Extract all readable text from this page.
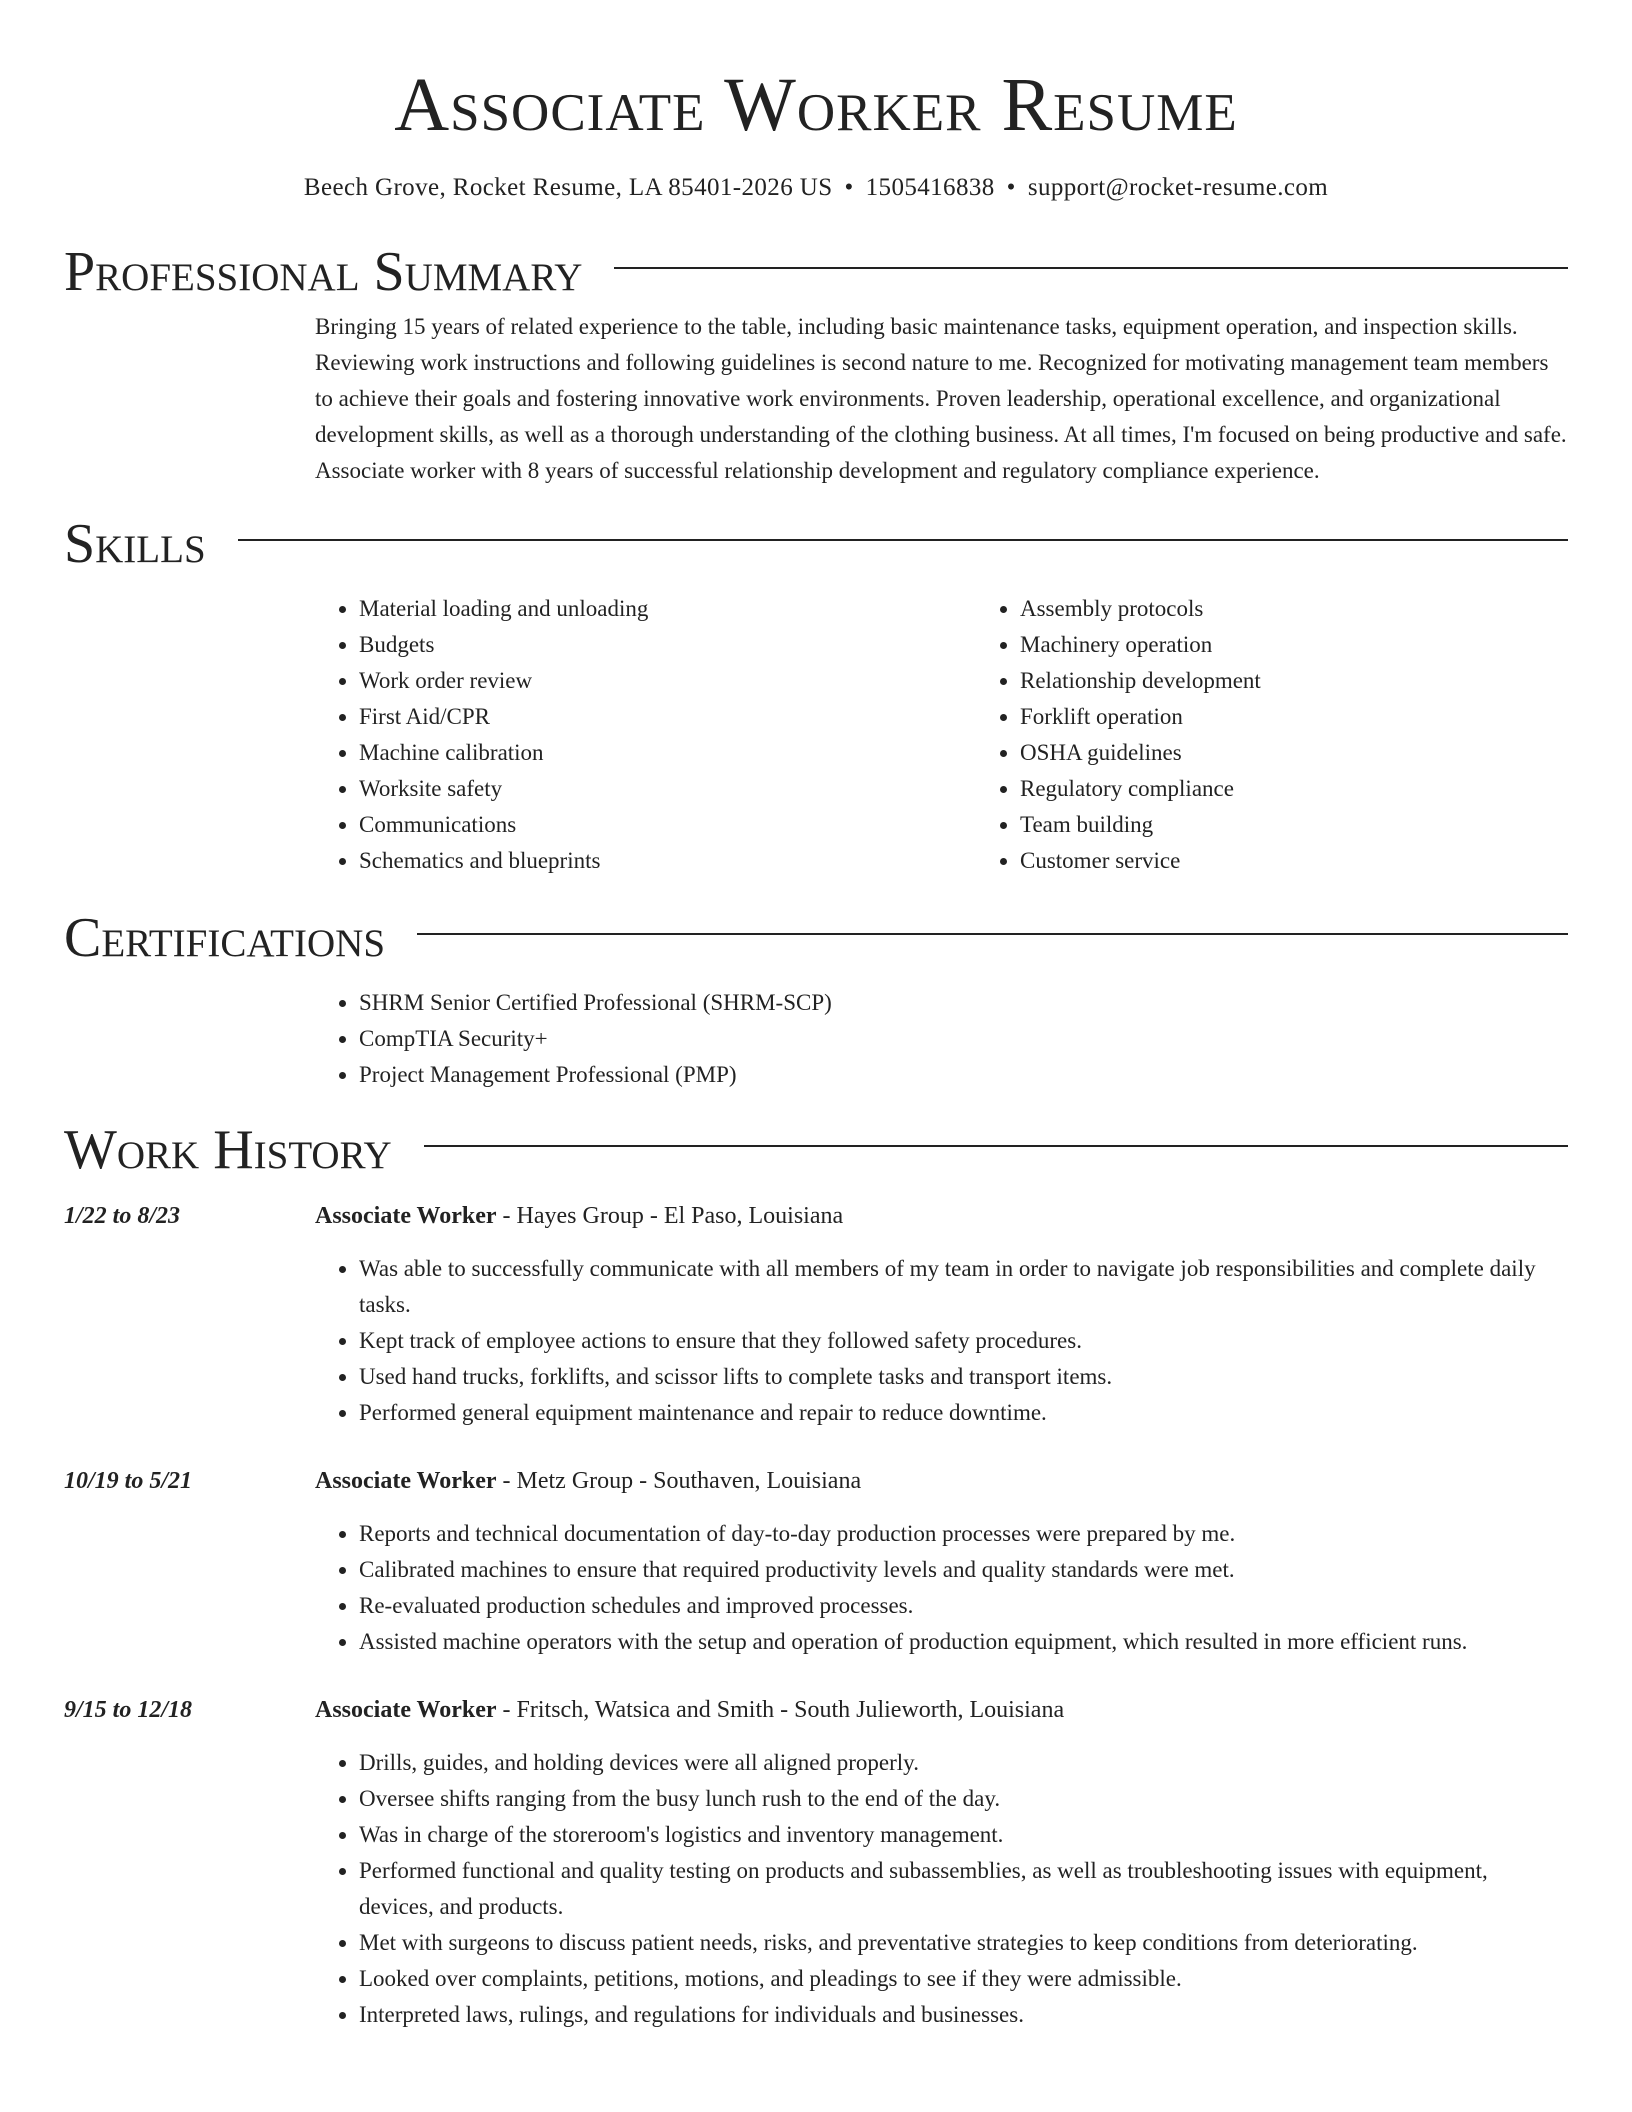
Associate Worker Resume
Beech Grove, Rocket Resume, LA 85401-2026 US • 1505416838 • support@rocket-resume.com
Professional Summary

Bringing 15 years of related experience to the table, including basic maintenance tasks, equipment operation, and inspection skills. Reviewing work instructions and following guidelines is second nature to me. Recognized for motivating management team members to achieve their goals and fostering innovative work environments. Proven leadership, operational excellence, and organizational development skills, as well as a thorough understanding of the clothing business. At all times, I'm focused on being productive and safe. Associate worker with 8 years of successful relationship development and regulatory compliance experience.

Skills
• Material loading and unloading
• Budgets
• Work order review
• First Aid/CPR
• Machine calibration
• Worksite safety
• Communications
• Schematics and blueprints
• Assembly protocols
• Machinery operation
• Relationship development
• Forklift operation
• OSHA guidelines
• Regulatory compliance
• Team building
• Customer service
Certifications
• SHRM Senior Certified Professional (SHRM-SCP)
• CompTIA Security+
• Project Management Professional (PMP)
Work History
1/22 to 8/23	Associate Worker - Hayes Group - El Paso, Louisiana
• Was able to successfully communicate with all members of my team in order to navigate job responsibilities and complete daily tasks.
• Kept track of employee actions to ensure that they followed safety procedures.
• Used hand trucks, forklifts, and scissor lifts to complete tasks and transport items.
• Performed general equipment maintenance and repair to reduce downtime.
10/19 to 5/21	Associate Worker - Metz Group - Southaven, Louisiana
• Reports and technical documentation of day-to-day production processes were prepared by me.
• Calibrated machines to ensure that required productivity levels and quality standards were met.
• Re-evaluated production schedules and improved processes.
• Assisted machine operators with the setup and operation of production equipment, which resulted in more efficient runs.
9/15 to 12/18	Associate Worker - Fritsch, Watsica and Smith - South Julieworth, Louisiana
• Drills, guides, and holding devices were all aligned properly.
• Oversee shifts ranging from the busy lunch rush to the end of the day.
• Was in charge of the storeroom's logistics and inventory management.
• Performed functional and quality testing on products and subassemblies, as well as troubleshooting issues with equipment, devices, and products.
• Met with surgeons to discuss patient needs, risks, and preventative strategies to keep conditions from deteriorating.
• Looked over complaints, petitions, motions, and pleadings to see if they were admissible.
• Interpreted laws, rulings, and regulations for individuals and businesses.
